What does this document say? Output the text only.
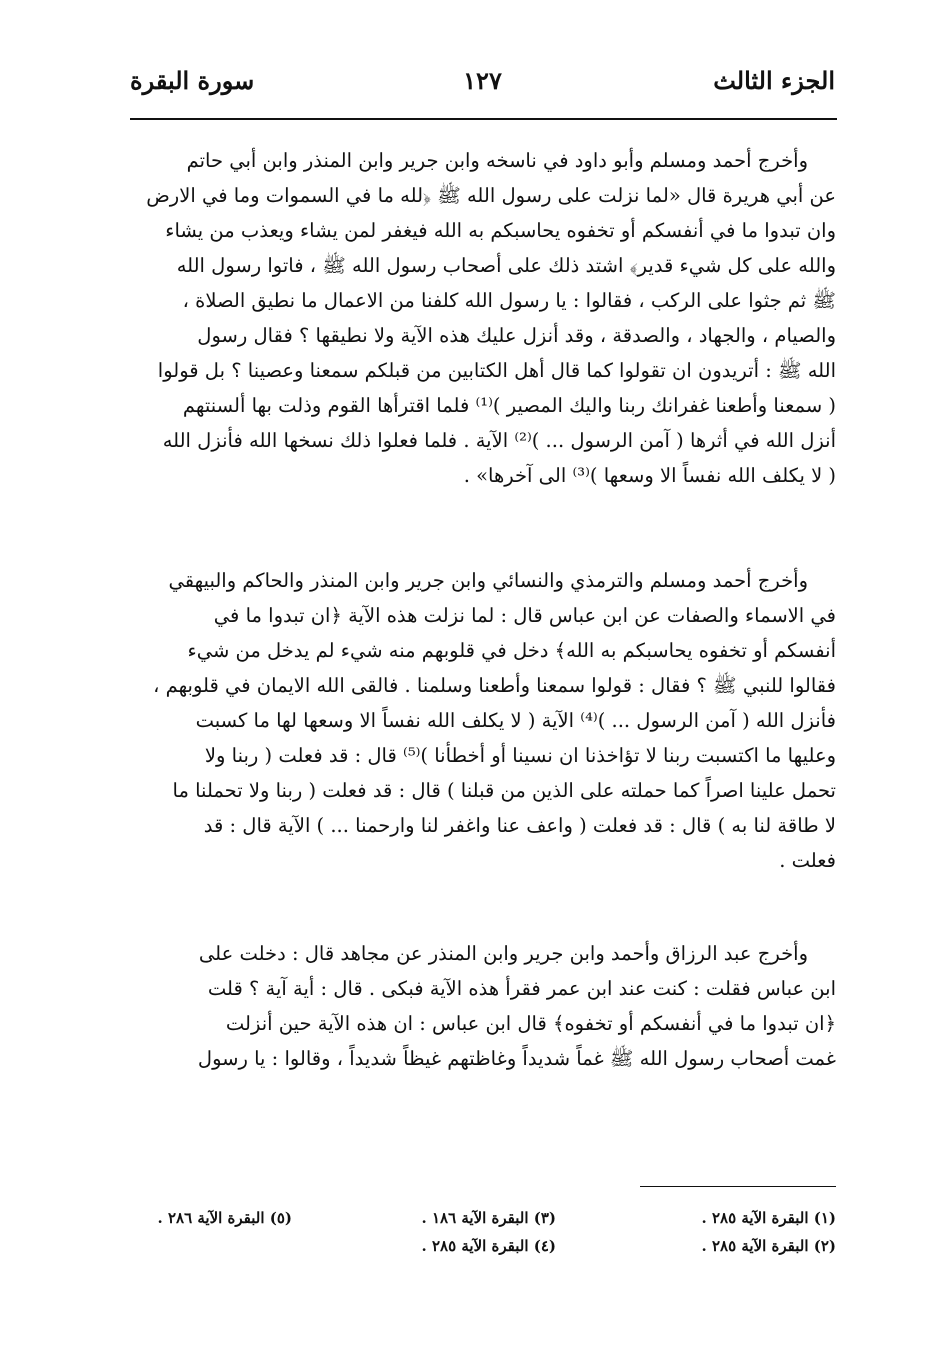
الجزء الثالث
١٢٧
سورة البقرة

وأخرج أحمد ومسلم وأبو داود في ناسخه وابن جرير وابن المنذر وابن أبي حاتم

عن أبي هريرة قال «لما نزلت على رسول الله ﷺ ﴿لله ما في السموات وما في الارض

وان تبدوا ما في أنفسكم أو تخفوه يحاسبكم به الله فيغفر لمن يشاء ويعذب من يشاء

والله على كل شيء قدير﴾ اشتد ذلك على أصحاب رسول الله ﷺ ، فاتوا رسول الله

ﷺ ثم جثوا على الركب ، فقالوا : يا رسول الله كلفنا من الاعمال ما نطيق الصلاة ،

والصيام ، والجهاد ، والصدقة ، وقد أنزل عليك هذه الآية ولا نطيقها ؟ فقال رسول

الله ﷺ : أتريدون ان تقولوا كما قال أهل الكتابين من قبلكم سمعنا وعصينا ؟ بل قولوا

( سمعنا وأطعنا غفرانك ربنا واليك المصير )⁽¹⁾ فلما اقترأها القوم وذلت بها ألسنتهم

أنزل الله في أثرها ( آمن الرسول ... )⁽²⁾ الآية . فلما فعلوا ذلك نسخها الله فأنزل الله

( لا يكلف الله نفساً الا وسعها )⁽³⁾ الى آخرها» .

وأخرج أحمد ومسلم والترمذي والنسائي وابن جرير وابن المنذر والحاكم والبيهقي

في الاسماء والصفات عن ابن عباس قال : لما نزلت هذه الآية ﴿ان تبدوا ما في

أنفسكم أو تخفوه يحاسبكم به الله﴾ دخل في قلوبهم منه شيء لم يدخل من شيء

فقالوا للنبي ﷺ ؟ فقال : قولوا سمعنا وأطعنا وسلمنا . فالقى الله الايمان في قلوبهم ،

فأنزل الله ( آمن الرسول ... )⁽⁴⁾ الآية ( لا يكلف الله نفساً الا وسعها لها ما كسبت

وعليها ما اكتسبت ربنا لا تؤاخذنا ان نسينا أو أخطأنا )⁽⁵⁾ قال : قد فعلت ( ربنا ولا

تحمل علينا اصراً كما حملته على الذين من قبلنا ) قال : قد فعلت ( ربنا ولا تحملنا ما

لا طاقة لنا به ) قال : قد فعلت ( واعف عنا واغفر لنا وارحمنا ... ) الآية قال : قد

فعلت .

وأخرج عبد الرزاق وأحمد وابن جرير وابن المنذر عن مجاهد قال : دخلت على

ابن عباس فقلت : كنت عند ابن عمر فقرأ هذه الآية فبكى . قال : أية آية ؟ قلت

﴿ان تبدوا ما في أنفسكم أو تخفوه﴾ قال ابن عباس : ان هذه الآية حين أنزلت

غمت أصحاب رسول الله ﷺ غماً شديداً وغاظتهم غيظاً شديداً ، وقالوا : يا رسول

(١) البقرة الآية ٢٨٥ .
(٢) البقرة الآية ٢٨٥ .
(٣) البقرة الآية ١٨٦ .
(٤) البقرة الآية ٢٨٥ .
(٥) البقرة الآية ٢٨٦ .
